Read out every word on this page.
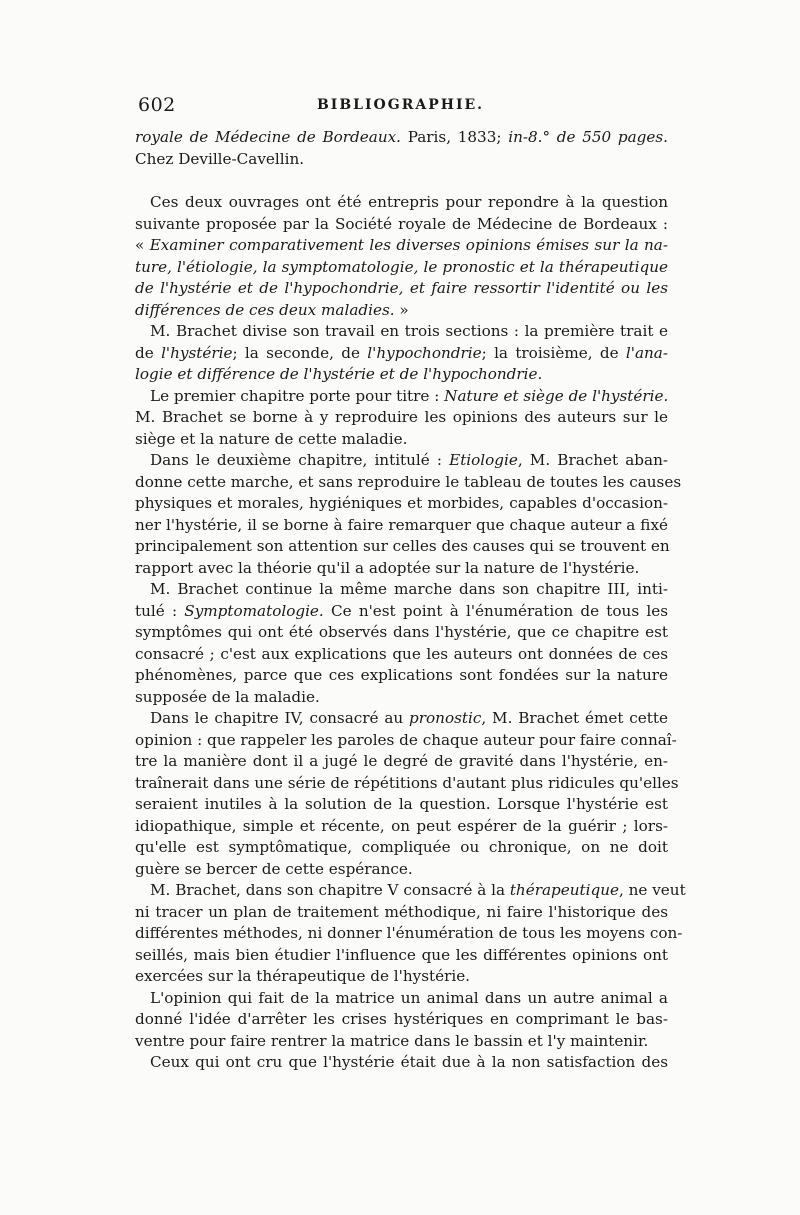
602	BIBLIOGRAPHIE.
royale de Médecine de Bordeaux. Paris, 1833; in-8.° de 550 pages.
Chez Deville-Cavellin.
Ces deux ouvrages ont été entrepris pour repondre à la question
suivante proposée par la Société royale de Médecine de Bordeaux :
« Examiner comparativement les diverses opinions émises sur la na-
ture, l'étiologie, la symptomatologie, le pronostic et la thérapeutique
de l'hystérie et de l'hypochondrie, et faire ressortir l'identité ou les
différences de ces deux maladies. »
M. Brachet divise son travail en trois sections : la première trait e
de l'hystérie; la seconde, de l'hypochondrie; la troisième, de l'ana-
logie et différence de l'hystérie et de l'hypochondrie.
Le premier chapitre porte pour titre : Nature et siège de l'hystérie.
M. Brachet se borne à y reproduire les opinions des auteurs sur le
siège et la nature de cette maladie.
Dans le deuxième chapitre, intitulé : Etiologie, M. Brachet aban-
donne cette marche, et sans reproduire le tableau de toutes les causes
physiques et morales, hygiéniques et morbides, capables d'occasion-
ner l'hystérie, il se borne à faire remarquer que chaque auteur a fixé
principalement son attention sur celles des causes qui se trouvent en
rapport avec la théorie qu'il a adoptée sur la nature de l'hystérie.
M. Brachet continue la même marche dans son chapitre III, inti-
tulé : Symptomatologie. Ce n'est point à l'énumération de tous les
symptômes qui ont été observés dans l'hystérie, que ce chapitre est
consacré ; c'est aux explications que les auteurs ont données de ces
phénomènes, parce que ces explications sont fondées sur la nature
supposée de la maladie.
Dans le chapitre IV, consacré au pronostic, M. Brachet émet cette
opinion : que rappeler les paroles de chaque auteur pour faire connaî-
tre la manière dont il a jugé le degré de gravité dans l'hystérie, en-
traînerait dans une série de répétitions d'autant plus ridicules qu'elles
seraient inutiles à la solution de la question. Lorsque l'hystérie est
idiopathique, simple et récente, on peut espérer de la guérir ; lors-
qu'elle est symptômatique, compliquée ou chronique, on ne doit
guère se bercer de cette espérance.
M. Brachet, dans son chapitre V consacré à la thérapeutique, ne veut
ni tracer un plan de traitement méthodique, ni faire l'historique des
différentes méthodes, ni donner l'énumération de tous les moyens con-
seillés, mais bien étudier l'influence que les différentes opinions ont
exercées sur la thérapeutique de l'hystérie.
L'opinion qui fait de la matrice un animal dans un autre animal a
donné l'idée d'arrêter les crises hystériques en comprimant le bas-
ventre pour faire rentrer la matrice dans le bassin et l'y maintenir.
Ceux qui ont cru que l'hystérie était due à la non satisfaction des
